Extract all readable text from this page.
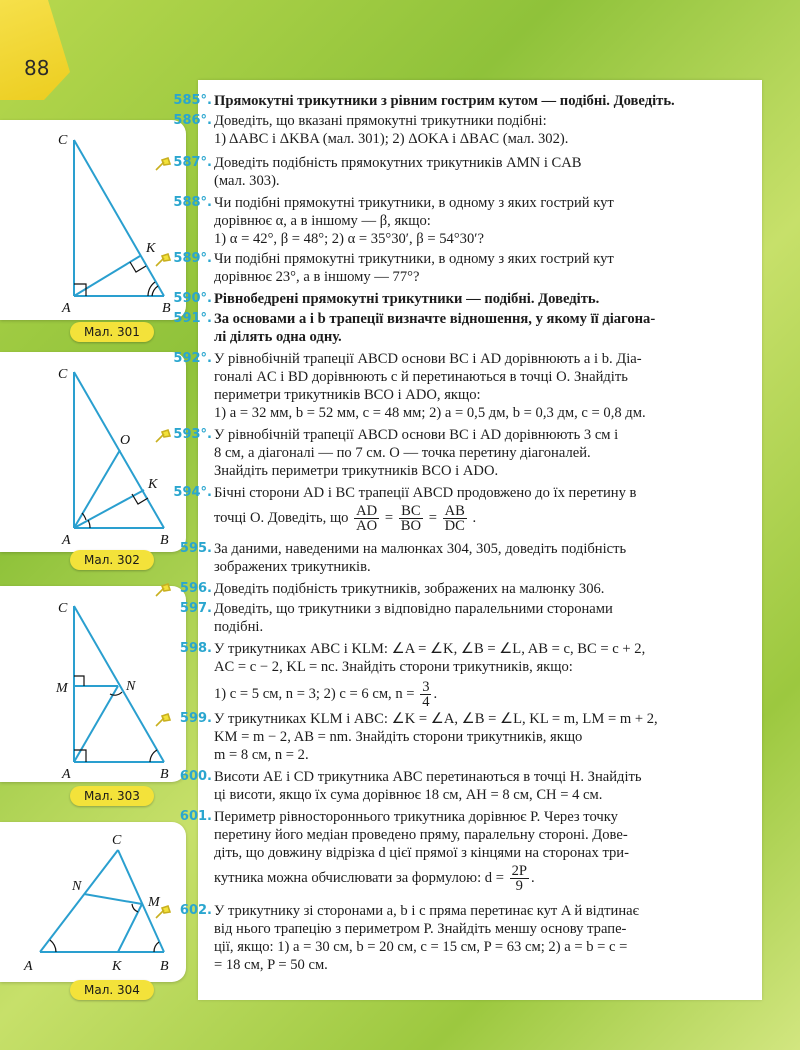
88
C
K
A	B
Мал. 301
C
O
K
A	B
Мал. 302
C
M	N
A	B
Мал. 303
C
N
M
A	K	B
Мал. 304
585°. Прямокутні трикутники з рівним гострим кутом — подібні. Доведіть.
586°. Доведіть, що вказані прямокутні трикутники подібні:
1) ΔABC і ΔKBA (мал. 301); 2) ΔOKA і ΔBAC (мал. 302).
587°. Доведіть подібність прямокутних трикутників AMN і CAB
(мал. 303).
588°. Чи подібні прямокутні трикутники, в одному з яких гострий кут
дорівнює α, а в іншому — β, якщо:
1) α = 42°, β = 48°; 2) α = 35°30′, β = 54°30′?
589°. Чи подібні прямокутні трикутники, в одному з яких гострий кут
дорівнює 23°, а в іншому — 77°?
590°. Рівнобедрені прямокутні трикутники — подібні. Доведіть.
591°. За основами a і b трапеції визначте відношення, у якому її діагона-
лі ділять одна одну.
592°. У рівнобічній трапеції ABCD основи BC і AD дорівнюють a і b. Діа-
гоналі AC і BD дорівнюють c й перетинаються в точці O. Знайдіть
периметри трикутників BCO і ADO, якщо:
1) a = 32 мм, b = 52 мм, c = 48 мм; 2) a = 0,5 дм, b = 0,3 дм, c = 0,8 дм.
593°. У рівнобічній трапеції ABCD основи BC і AD дорівнюють 3 см і
8 см, а діагоналі — по 7 см. O — точка перетину діагоналей.
Знайдіть периметри трикутників BCO і ADO.
594°. Бічні сторони AD і BC трапеції ABCD продовжено до їх перетину в
точці O. Доведіть, що $\frac{AD}{AO} = \frac{BC}{BO} = \frac{AB}{DC}$ .
595. За даними, наведеними на малюнках 304, 305, доведіть подібність
зображених трикутників.
596. Доведіть подібність трикутників, зображених на малюнку 306.
597. Доведіть, що трикутники з відповідно паралельними сторонами
подібні.
598. У трикутниках ABC і KLM: ∠A = ∠K, ∠B = ∠L, AB = c, BC = c + 2,
AC = c − 2, KL = nc. Знайдіть сторони трикутників, якщо:
1) c = 5 см, n = 3; 2) c = 6 см, $n = \frac{3}{4}$ .
599. У трикутниках KLM і ABC: ∠K = ∠A, ∠B = ∠L, KL = m, LM = m + 2,
KM = m − 2, AB = nm. Знайдіть сторони трикутників, якщо
m = 8 см, n = 2.
600. Висоти AE і CD трикутника ABC перетинаються в точці H. Знайдіть
ці висоти, якщо їх сума дорівнює 18 см, AH = 8 см, CH = 4 см.
601. Периметр рівностороннього трикутника дорівнює P. Через точку
перетину його медіан проведено пряму, паралельну стороні. Дове-
діть, що довжину відрізка d цієї прямої з кінцями на сторонах три-
кутника можна обчислювати за формулою: $d = \frac{2P}{9}$ .
602. У трикутнику зі сторонами a, b і c пряма перетинає кут A й відтинає
від нього трапецію з периметром P. Знайдіть меншу основу трапе-
ції, якщо: 1) a = 30 см, b = 20 см, c = 15 см, P = 63 см; 2) a = b = c =
= 18 см, P = 50 см.
